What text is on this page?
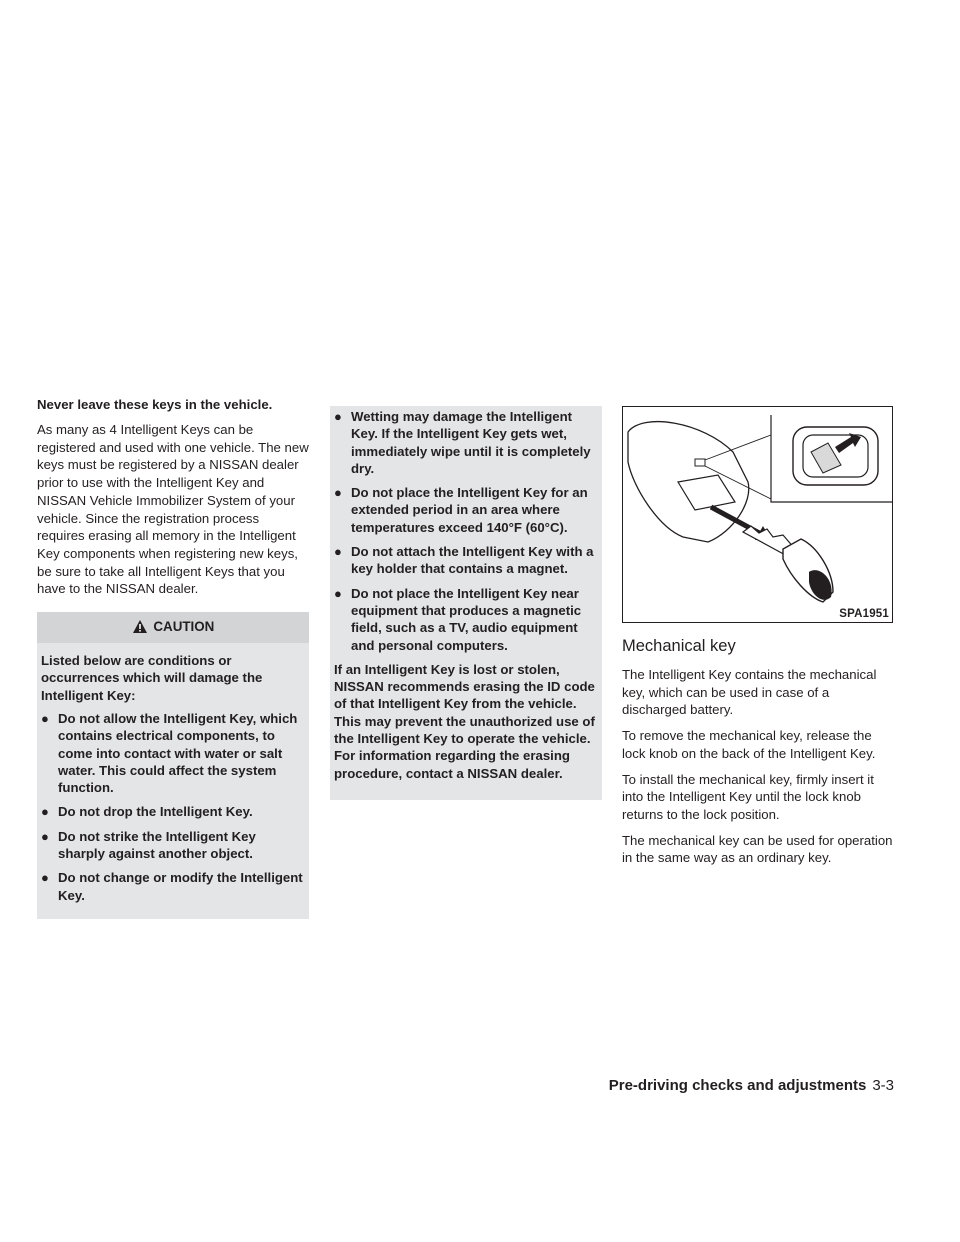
Never leave these keys in the vehicle.

As many as 4 Intelligent Keys can be registered and used with one vehicle. The new keys must be registered by a NISSAN dealer prior to use with the Intelligent Key and NISSAN Vehicle Immobilizer System of your vehicle. Since the registration process requires erasing all memory in the Intelligent Key components when registering new keys, be sure to take all Intelligent Keys that you have to the NISSAN dealer.

CAUTION

Listed below are conditions or occurrences which will damage the Intelligent Key:

● Do not allow the Intelligent Key, which contains electrical components, to come into contact with water or salt water. This could affect the system function.
● Do not drop the Intelligent Key.
● Do not strike the Intelligent Key sharply against another object.
● Do not change or modify the Intelligent Key.
● Wetting may damage the Intelligent Key. If the Intelligent Key gets wet, immediately wipe until it is completely dry.
● Do not place the Intelligent Key for an extended period in an area where temperatures exceed 140°F (60°C).
● Do not attach the Intelligent Key with a key holder that contains a magnet.
● Do not place the Intelligent Key near equipment that produces a magnetic field, such as a TV, audio equipment and personal computers.

If an Intelligent Key is lost or stolen, NISSAN recommends erasing the ID code of that Intelligent Key from the vehicle. This may prevent the unauthorized use of the Intelligent Key to operate the vehicle. For information regarding the erasing procedure, contact a NISSAN dealer.

SPA1951
Mechanical key

The Intelligent Key contains the mechanical key, which can be used in case of a discharged battery.

To remove the mechanical key, release the lock knob on the back of the Intelligent Key.

To install the mechanical key, firmly insert it into the Intelligent Key until the lock knob returns to the lock position.

The mechanical key can be used for operation in the same way as an ordinary key.

Pre-driving checks and adjustments 3-3
